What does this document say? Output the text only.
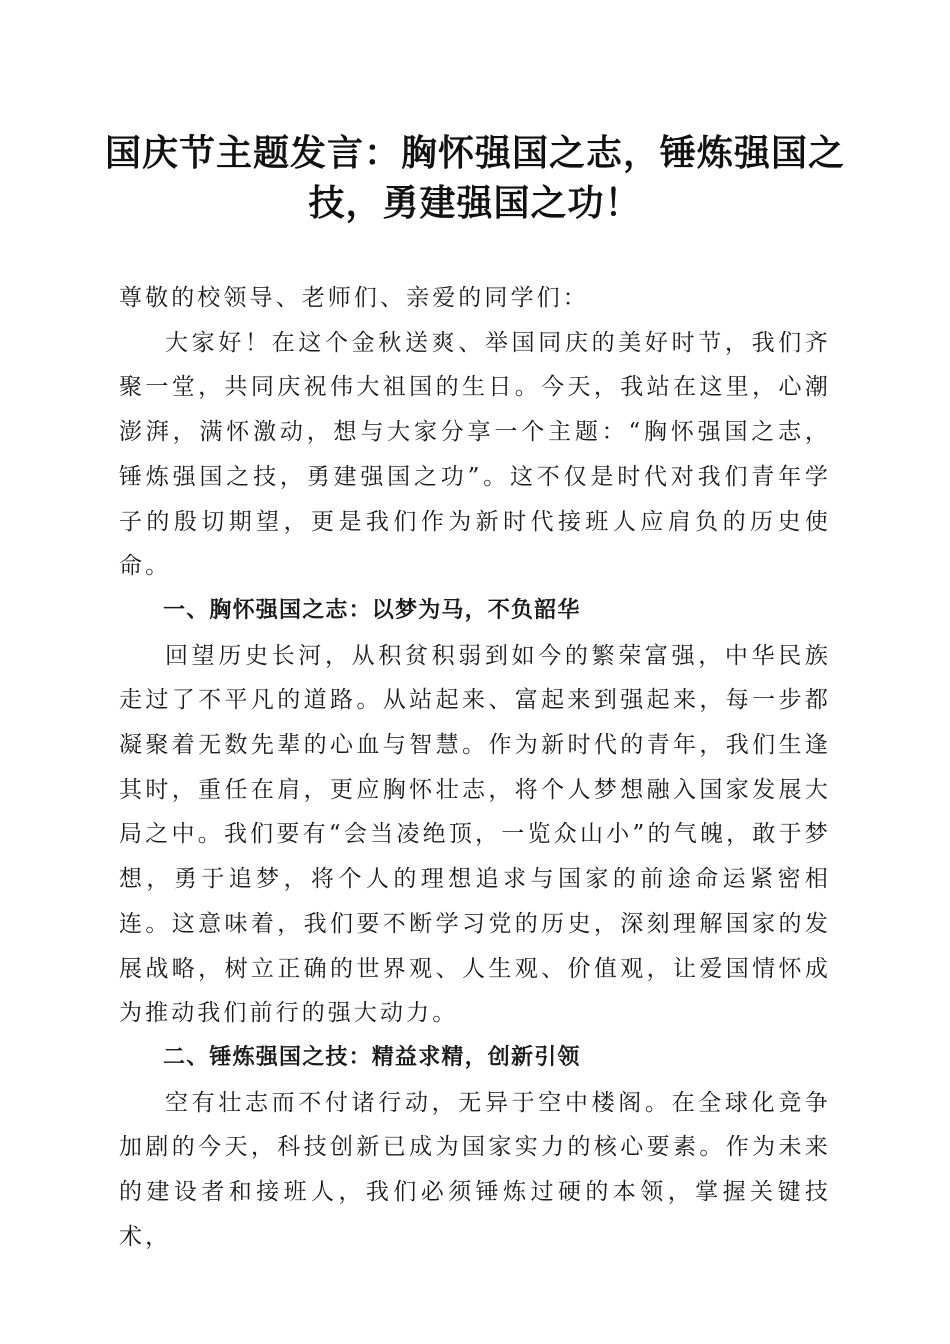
国庆节主题发言：胸怀强国之志，锤炼强国之
技，勇建强国之功！

尊敬的校领导、老师们、亲爱的同学们：

大家好！在这个金秋送爽、举国同庆的美好时节，我们齐聚一堂，共同庆祝伟大祖国的生日。今天，我站在这里，心潮澎湃，满怀激动，想与大家分享一个主题：“胸怀强国之志，锤炼强国之技，勇建强国之功”。这不仅是时代对我们青年学子的殷切期望，更是我们作为新时代接班人应肩负的历史使命。

一、胸怀强国之志：以梦为马，不负韶华

回望历史长河，从积贫积弱到如今的繁荣富强，中华民族走过了不平凡的道路。从站起来、富起来到强起来，每一步都凝聚着无数先辈的心血与智慧。作为新时代的青年，我们生逢其时，重任在肩，更应胸怀壮志，将个人梦想融入国家发展大局之中。我们要有“会当凌绝顶，一览众山小”的气魄，敢于梦想，勇于追梦，将个人的理想追求与国家的前途命运紧密相连。这意味着，我们要不断学习党的历史，深刻理解国家的发展战略，树立正确的世界观、人生观、价值观，让爱国情怀成为推动我们前行的强大动力。

二、锤炼强国之技：精益求精，创新引领

空有壮志而不付诸行动，无异于空中楼阁。在全球化竞争加剧的今天，科技创新已成为国家实力的核心要素。作为未来的建设者和接班人，我们必须锤炼过硬的本领，掌握关键技术，
